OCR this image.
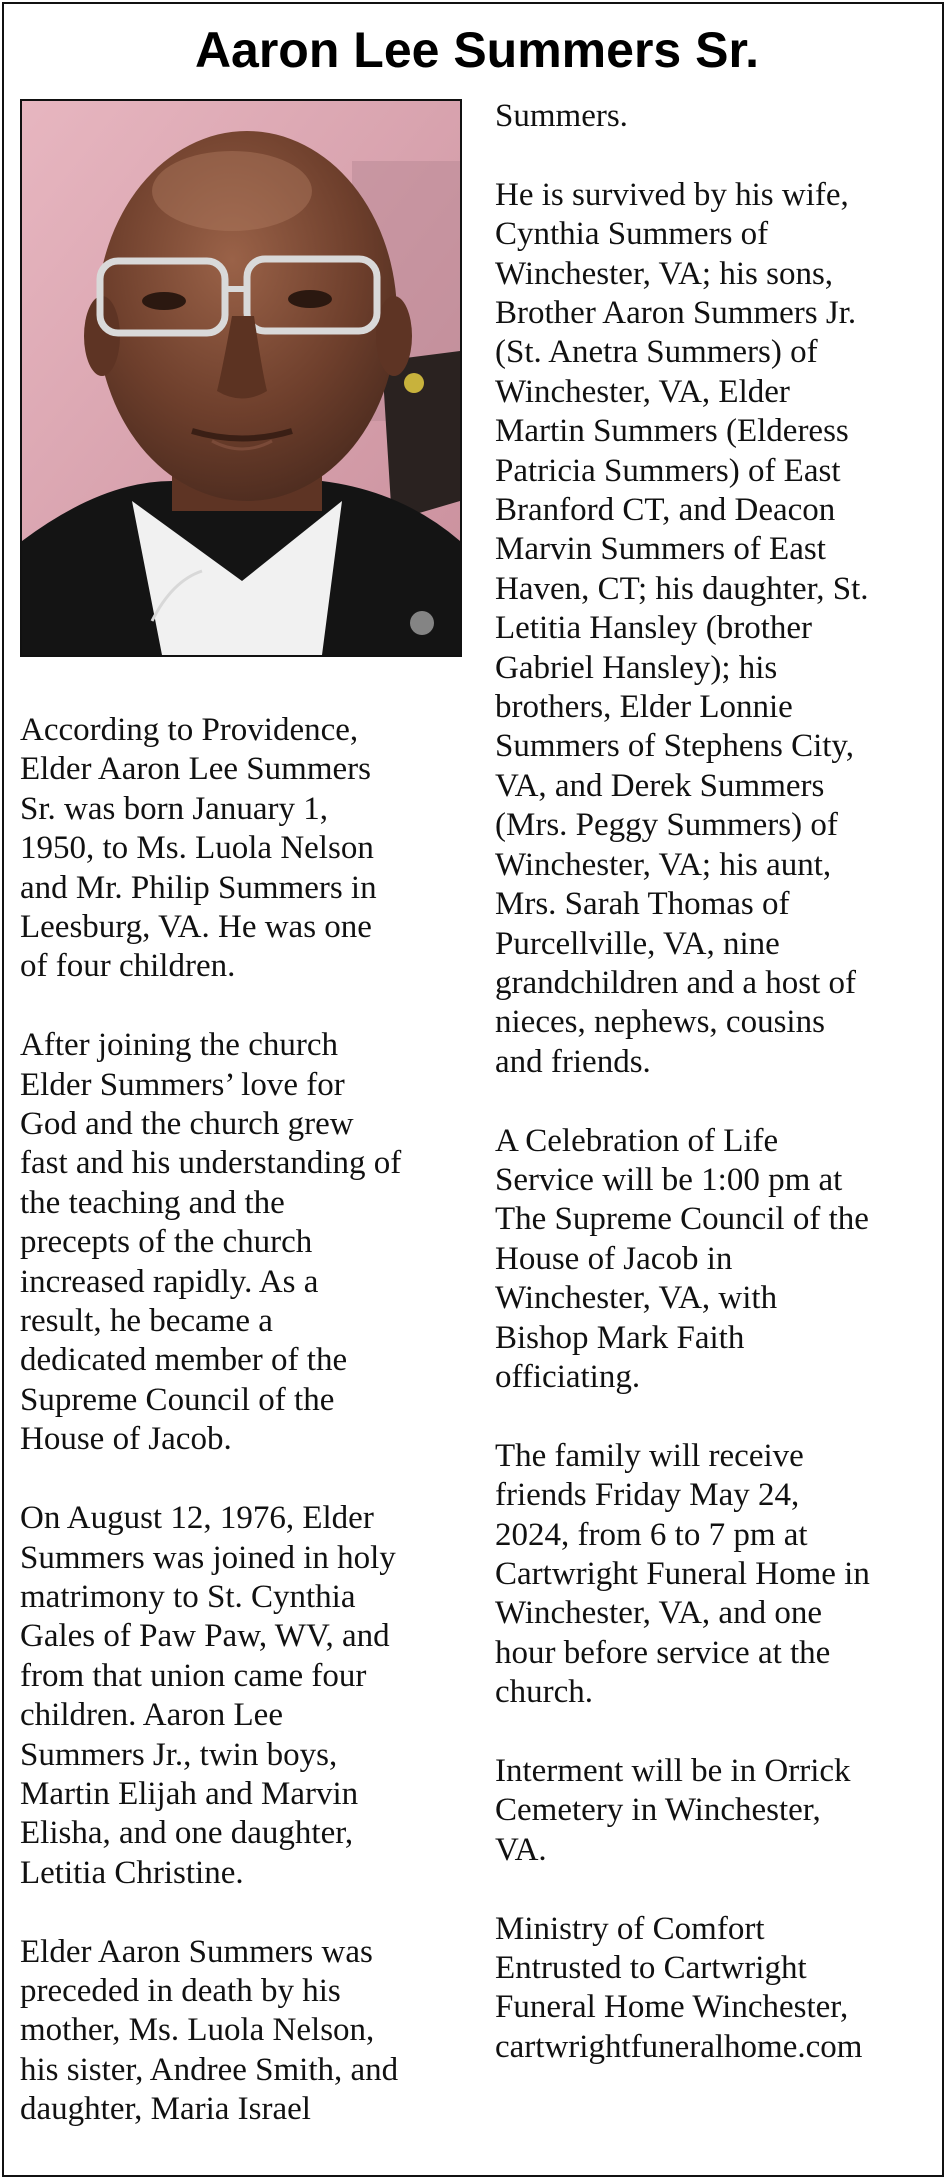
Aaron Lee Summers Sr.

According to Providence,
Elder Aaron Lee Summers
Sr. was born January 1,
1950, to Ms. Luola Nelson
and Mr. Philip Summers in
Leesburg, VA. He was one
of four children.

After joining the church
Elder Summers’ love for
God and the church grew
fast and his understanding of
the teaching and the
precepts of the church
increased rapidly. As a
result, he became a
dedicated member of the
Supreme Council of the
House of Jacob.

On August 12, 1976, Elder
Summers was joined in holy
matrimony to St. Cynthia
Gales of Paw Paw, WV, and
from that union came four
children. Aaron Lee
Summers Jr., twin boys,
Martin Elijah and Marvin
Elisha, and one daughter,
Letitia Christine.

Elder Aaron Summers was
preceded in death by his
mother, Ms. Luola Nelson,
his sister, Andree Smith, and
daughter, Maria Israel

Summers.

He is survived by his wife,
Cynthia Summers of
Winchester, VA; his sons,
Brother Aaron Summers Jr.
(St. Anetra Summers) of
Winchester, VA, Elder
Martin Summers (Elderess
Patricia Summers) of East
Branford CT, and Deacon
Marvin Summers of East
Haven, CT; his daughter, St.
Letitia Hansley (brother
Gabriel Hansley); his
brothers, Elder Lonnie
Summers of Stephens City,
VA, and Derek Summers
(Mrs. Peggy Summers) of
Winchester, VA; his aunt,
Mrs. Sarah Thomas of
Purcellville, VA, nine
grandchildren and a host of
nieces, nephews, cousins
and friends.

A Celebration of Life
Service will be 1:00 pm at
The Supreme Council of the
House of Jacob in
Winchester, VA, with
Bishop Mark Faith
officiating.

The family will receive
friends Friday May 24,
2024, from 6 to 7 pm at
Cartwright Funeral Home in
Winchester, VA, and one
hour before service at the
church.

Interment will be in Orrick
Cemetery in Winchester,
VA.

Ministry of Comfort
Entrusted to Cartwright
Funeral Home Winchester,
cartwrightfuneralhome.com
